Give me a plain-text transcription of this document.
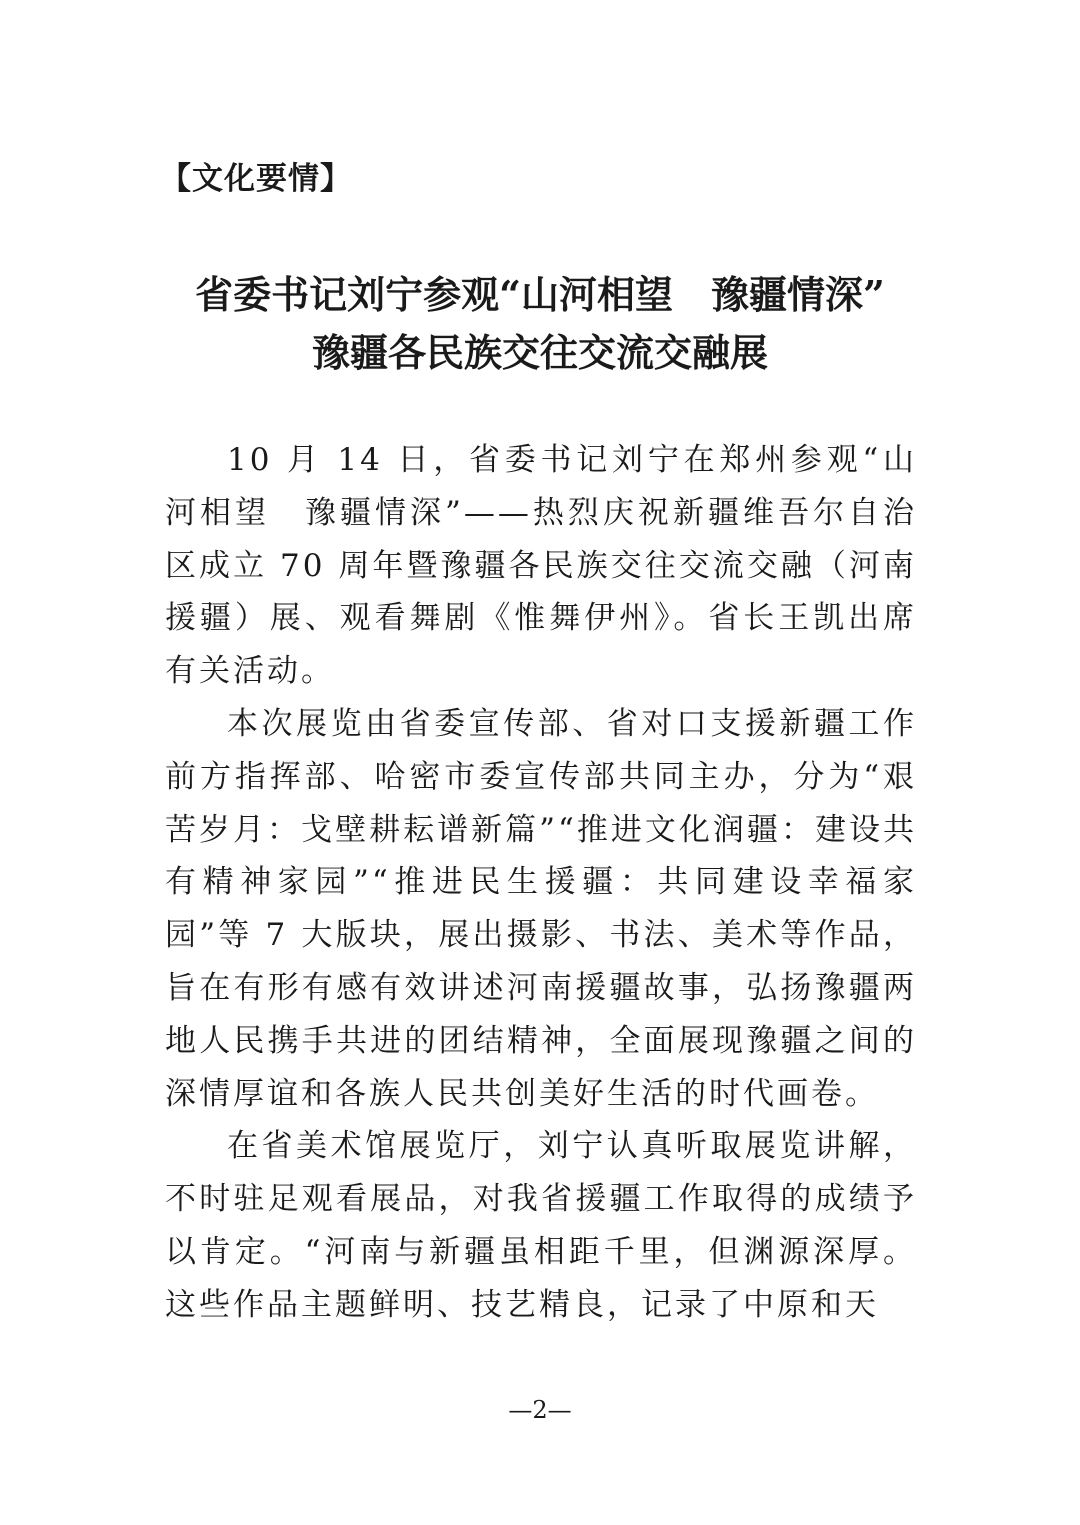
【文化要情】
省委书记刘宁参观“山河相望　豫疆情深”
豫疆各民族交往交流交融展

10 月 14 日，省委书记刘宁在郑州参观“山河相望　豫疆情深”——热烈庆祝新疆维吾尔自治区成立 70 周年暨豫疆各民族交往交流交融（河南援疆）展、观看舞剧《惟舞伊州》。省长王凯出席有关活动。

本次展览由省委宣传部、省对口支援新疆工作前方指挥部、哈密市委宣传部共同主办，分为“艰苦岁月：戈壁耕耘谱新篇”“推进文化润疆：建设共有精神家园”“推进民生援疆：共同建设幸福家园”等 7 大版块，展出摄影、书法、美术等作品，旨在有形有感有效讲述河南援疆故事，弘扬豫疆两地人民携手共进的团结精神，全面展现豫疆之间的深情厚谊和各族人民共创美好生活的时代画卷。

在省美术馆展览厅，刘宁认真听取展览讲解，不时驻足观看展品，对我省援疆工作取得的成绩予以肯定。“河南与新疆虽相距千里，但渊源深厚。这些作品主题鲜明、技艺精良，记录了中原和天

—2—
